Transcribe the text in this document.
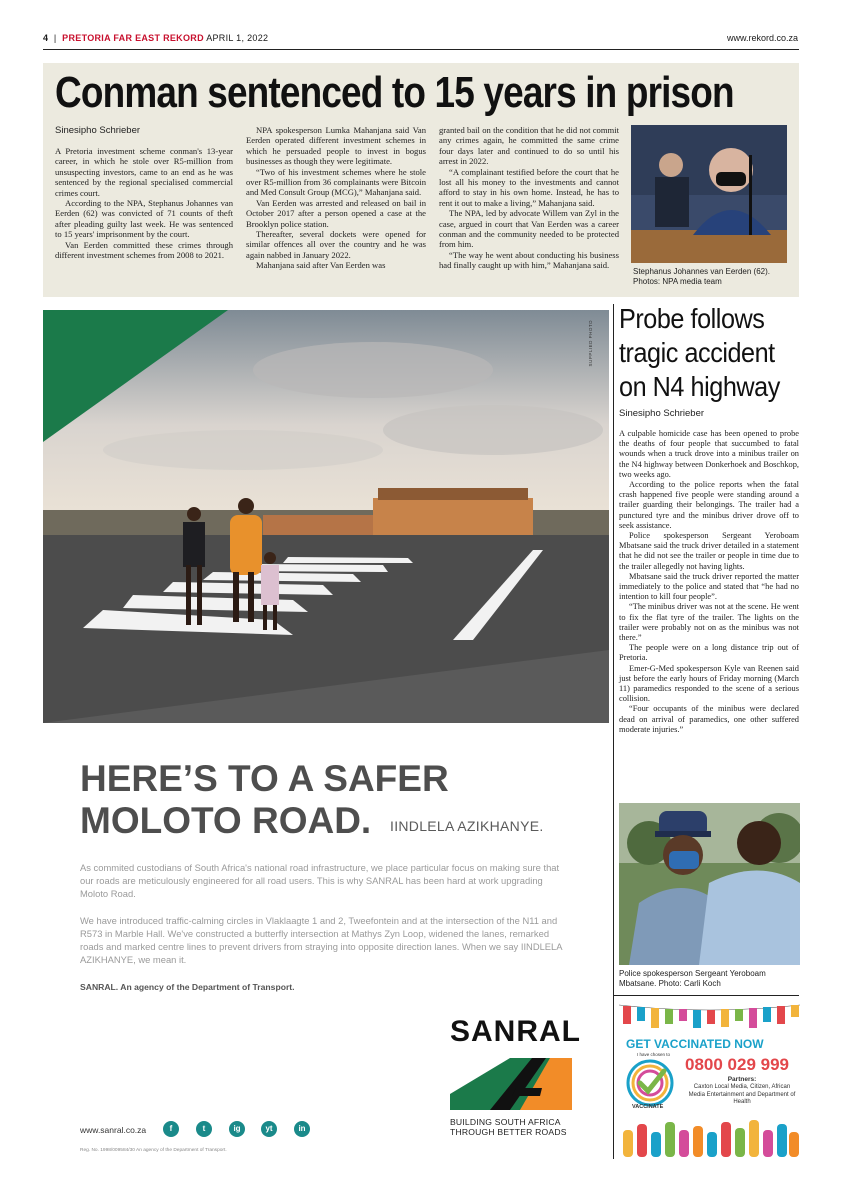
4 | PRETORIA FAR EAST REKORD APRIL 1, 2022	www.rekord.co.za
Conman sentenced to 15 years in prison
Sinesipho Schrieber

A Pretoria investment scheme conman's 13-year career, in which he stole over R5-million from unsuspecting investors, came to an end as he was sentenced by the regional specialised commercial crimes court.

According to the NPA, Stephanus Johannes van Eerden (62) was convicted of 71 counts of theft after pleading guilty last week. He was sentenced to 15 years' imprisonment by the court.

Van Eerden committed these crimes through different investment schemes from 2008 to 2021.

NPA spokesperson Lumka Mahanjana said Van Eerden operated different investment schemes in which he persuaded people to invest in bogus businesses as though they were legitimate.

“Two of his investment schemes where he stole over R5-million from 36 complainants were Bitcoin and Med Consult Group (MCG),” Mahanjana said.

Van Eerden was arrested and released on bail in October 2017 after a person opened a case at the Brooklyn police station.

Thereafter, several dockets were opened for similar offences all over the country and he was again nabbed in January 2022.

Mahanjana said after Van Eerden was

granted bail on the condition that he did not commit any crimes again, he committed the same crime four days later and continued to do so until his arrest in 2022.

“A complainant testified before the court that he lost all his money to the investments and cannot afford to stay in his own home. Instead, he has to rent it out to make a living,” Mahanjana said.

The NPA, led by advocate Willem van Zyl in the case, argued in court that Van Eerden was a career conman and the community needed to be protected from him.

“The way he went about conducting his business had finally caught up with him,” Mahanjana said.

Stephanus Johannes van Eerden (62). Photos: NPA media team
SUPPLIED PHOTO
HERE’S TO A SAFER
MOLOTO ROAD.	IINDLELA AZIKHANYE.
As commited custodians of South Africa's national road infrastructure, we place particular focus on making sure that our roads are meticulously engineered for all road users. This is why SANRAL has been hard at work upgrading Moloto Road.
We have introduced traffic-calming circles in Vlaklaagte 1 and 2, Tweefontein and at the intersection of the N11 and R573 in Marble Hall. We've constructed a butterfly intersection at Mathys Zyn Loop, widened the lanes, remarked roads and marked centre lines to prevent drivers from straying into opposite direction lanes. When we say IINDLELA AZIKHANYE, we mean it.
SANRAL. An agency of the Department of Transport.
SANRAL
BUILDING SOUTH AFRICA THROUGH BETTER ROADS
www.sanral.co.za	f	t	ig	yt	in
Reg. No. 1998/009584/30 An agency of the Department of Transport.
Probe follows
tragic accident
on N4 highway
Sinesipho Schrieber

A culpable homicide case has been opened to probe the deaths of four people that succumbed to fatal wounds when a truck drove into a minibus trailer on the N4 highway between Donkerhoek and Boschkop, two weeks ago.

According to the police reports when the fatal crash happened five people were standing around a trailer guarding their belongings. The trailer had a punctured tyre and the minibus driver drove off to seek assistance.

Police spokesperson Sergeant Yeroboam Mbatsane said the truck driver detailed in a statement that he did not see the trailer or people in time due to the trailer allegedly not having lights.

Mbatsane said the truck driver reported the matter immediately to the police and stated that “he had no intention to kill four people”.

“The minibus driver was not at the scene. He went to fix the flat tyre of the trailer. The lights on the trailer were probably not on as the minibus was not there.”

The people were on a long distance trip out of Pretoria.

Emer-G-Med spokesperson Kyle van Reenen said just before the early hours of Friday morning (March 11) paramedics responded to the scene of a serious collision.

“Four occupants of the minibus were declared dead on arrival of paramedics, one other suffered moderate injuries.”

Police spokesperson Sergeant Yeroboam Mbatsane. Photo: Carli Koch
GET VACCINATED NOW
I have chosen to
VACCINATE
0800 029 999
Partners:
Caxton Local Media, Citizen, African Media Entertainment and Department of Health
